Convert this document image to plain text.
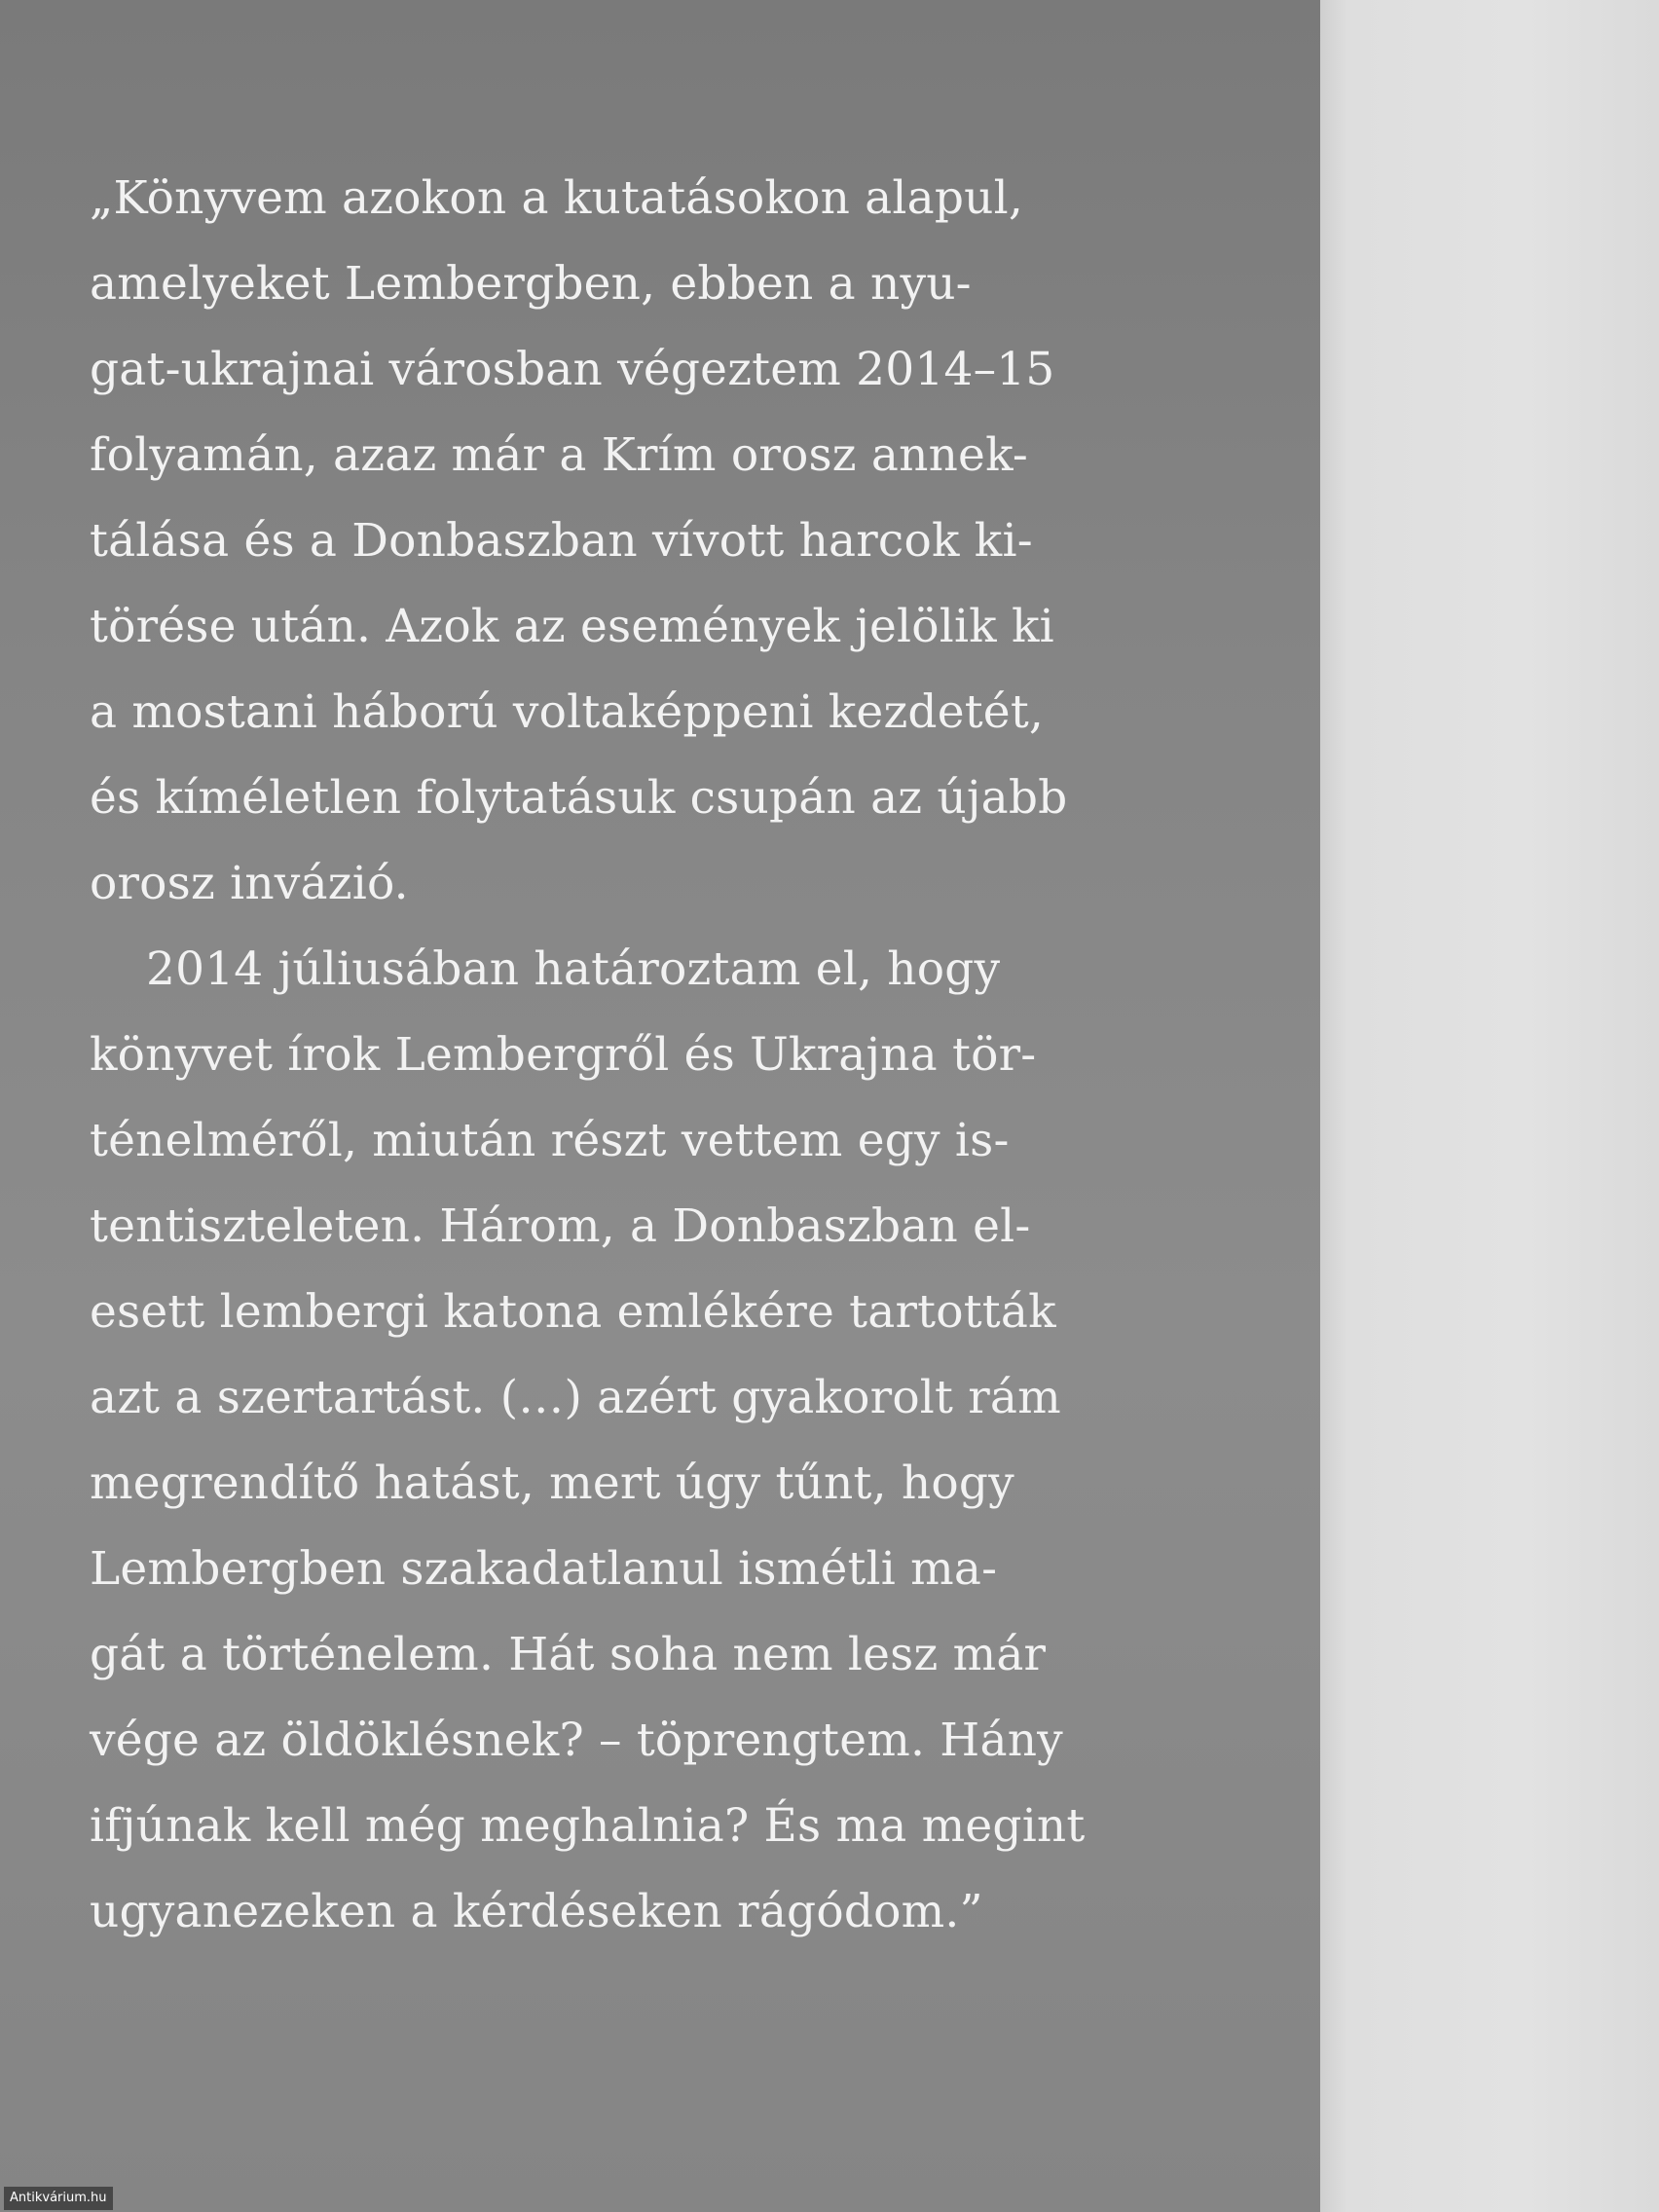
„Könyvem azokon a kutatásokon alapul,
amelyeket Lembergben, ebben a nyu-
gat-ukrajnai városban végeztem 2014–15
folyamán, azaz már a Krím orosz annek-
tálása és a Donbaszban vívott harcok ki-
törése után. Azok az események jelölik ki
a mostani háború voltaképpeni kezdetét,
és kíméletlen folytatásuk csupán az újabb
orosz invázió.
2014 júliusában határoztam el, hogy
könyvet írok Lembergről és Ukrajna tör-
ténelméről, miután részt vettem egy is-
tentiszteleten. Három, a Donbaszban el-
esett lembergi katona emlékére tartották
azt a szertartást. (…) azért gyakorolt rám
megrendítő hatást, mert úgy tűnt, hogy
Lembergben szakadatlanul ismétli ma-
gát a történelem. Hát soha nem lesz már
vége az öldöklésnek? – töprengtem. Hány
ifjúnak kell még meghalnia? És ma megint
ugyanezeken a kérdéseken rágódom.”
Antikvárium.hu
